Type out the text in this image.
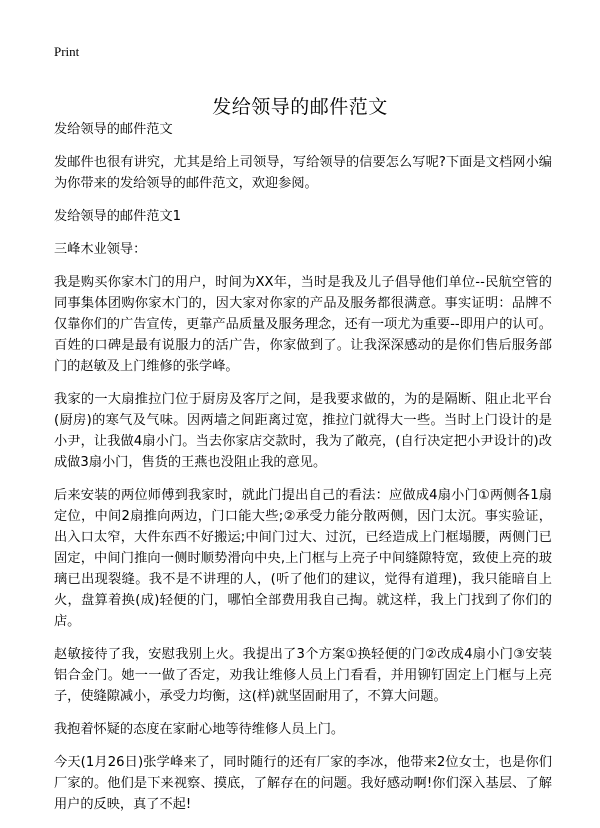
Print
发给领导的邮件范文

发给领导的邮件范文

发邮件也很有讲究，尤其是给上司领导，写给领导的信要怎么写呢?下面是文档网小编为你带来的发给领导的邮件范文，欢迎参阅。

发给领导的邮件范文1

三峰木业领导：

我是购买你家木门的用户，时间为XX年，当时是我及儿子倡导他们单位--民航空管的同事集体团购你家木门的，因大家对你家的产品及服务都很满意。事实证明：品牌不仅靠你们的广告宣传，更靠产品质量及服务理念，还有一项尤为重要--即用户的认可。百姓的口碑是最有说服力的活广告，你家做到了。让我深深感动的是你们售后服务部门的赵敏及上门维修的张学峰。

我家的一大扇推拉门位于厨房及客厅之间，是我要求做的，为的是隔断、阻止北平台(厨房)的寒气及气味。因两墙之间距离过宽，推拉门就得大一些。当时上门设计的是小尹，让我做4扇小门。当去你家店交款时，我为了敞亮，(自行决定把小尹设计的)改成做3扇小门，售货的王燕也没阻止我的意见。

后来安装的两位师傅到我家时，就此门提出自己的看法：应做成4扇小门①两侧各1扇定位，中间2扇推向两边，门口能大些;②承受力能分散两侧，因门太沉。事实验证，出入口太窄，大件东西不好搬运;中间门过大、过沉，已经造成上门框塌腰，两侧门已固定，中间门推向一侧时顺势滑向中央,上门框与上亮子中间缝隙特宽，致使上亮的玻璃已出现裂缝。我不是不讲理的人，(听了他们的建议，觉得有道理)，我只能暗自上火，盘算着换(成)轻便的门，哪怕全部费用我自己掏。就这样，我上门找到了你们的店。

赵敏接待了我，安慰我别上火。我提出了3个方案①换轻便的门②改成4扇小门③安装铝合金门。她一一做了否定，劝我让维修人员上门看看，并用铆钉固定上门框与上亮子，使缝隙减小，承受力均衡，这(样)就坚固耐用了，不算大问题。

我抱着怀疑的态度在家耐心地等待维修人员上门。

今天(1月26日)张学峰来了，同时随行的还有厂家的李冰，他带来2位女士，也是你们厂家的。他们是下来视察、摸底，了解存在的问题。我好感动啊!你们深入基层、了解用户的反映，真了不起!
